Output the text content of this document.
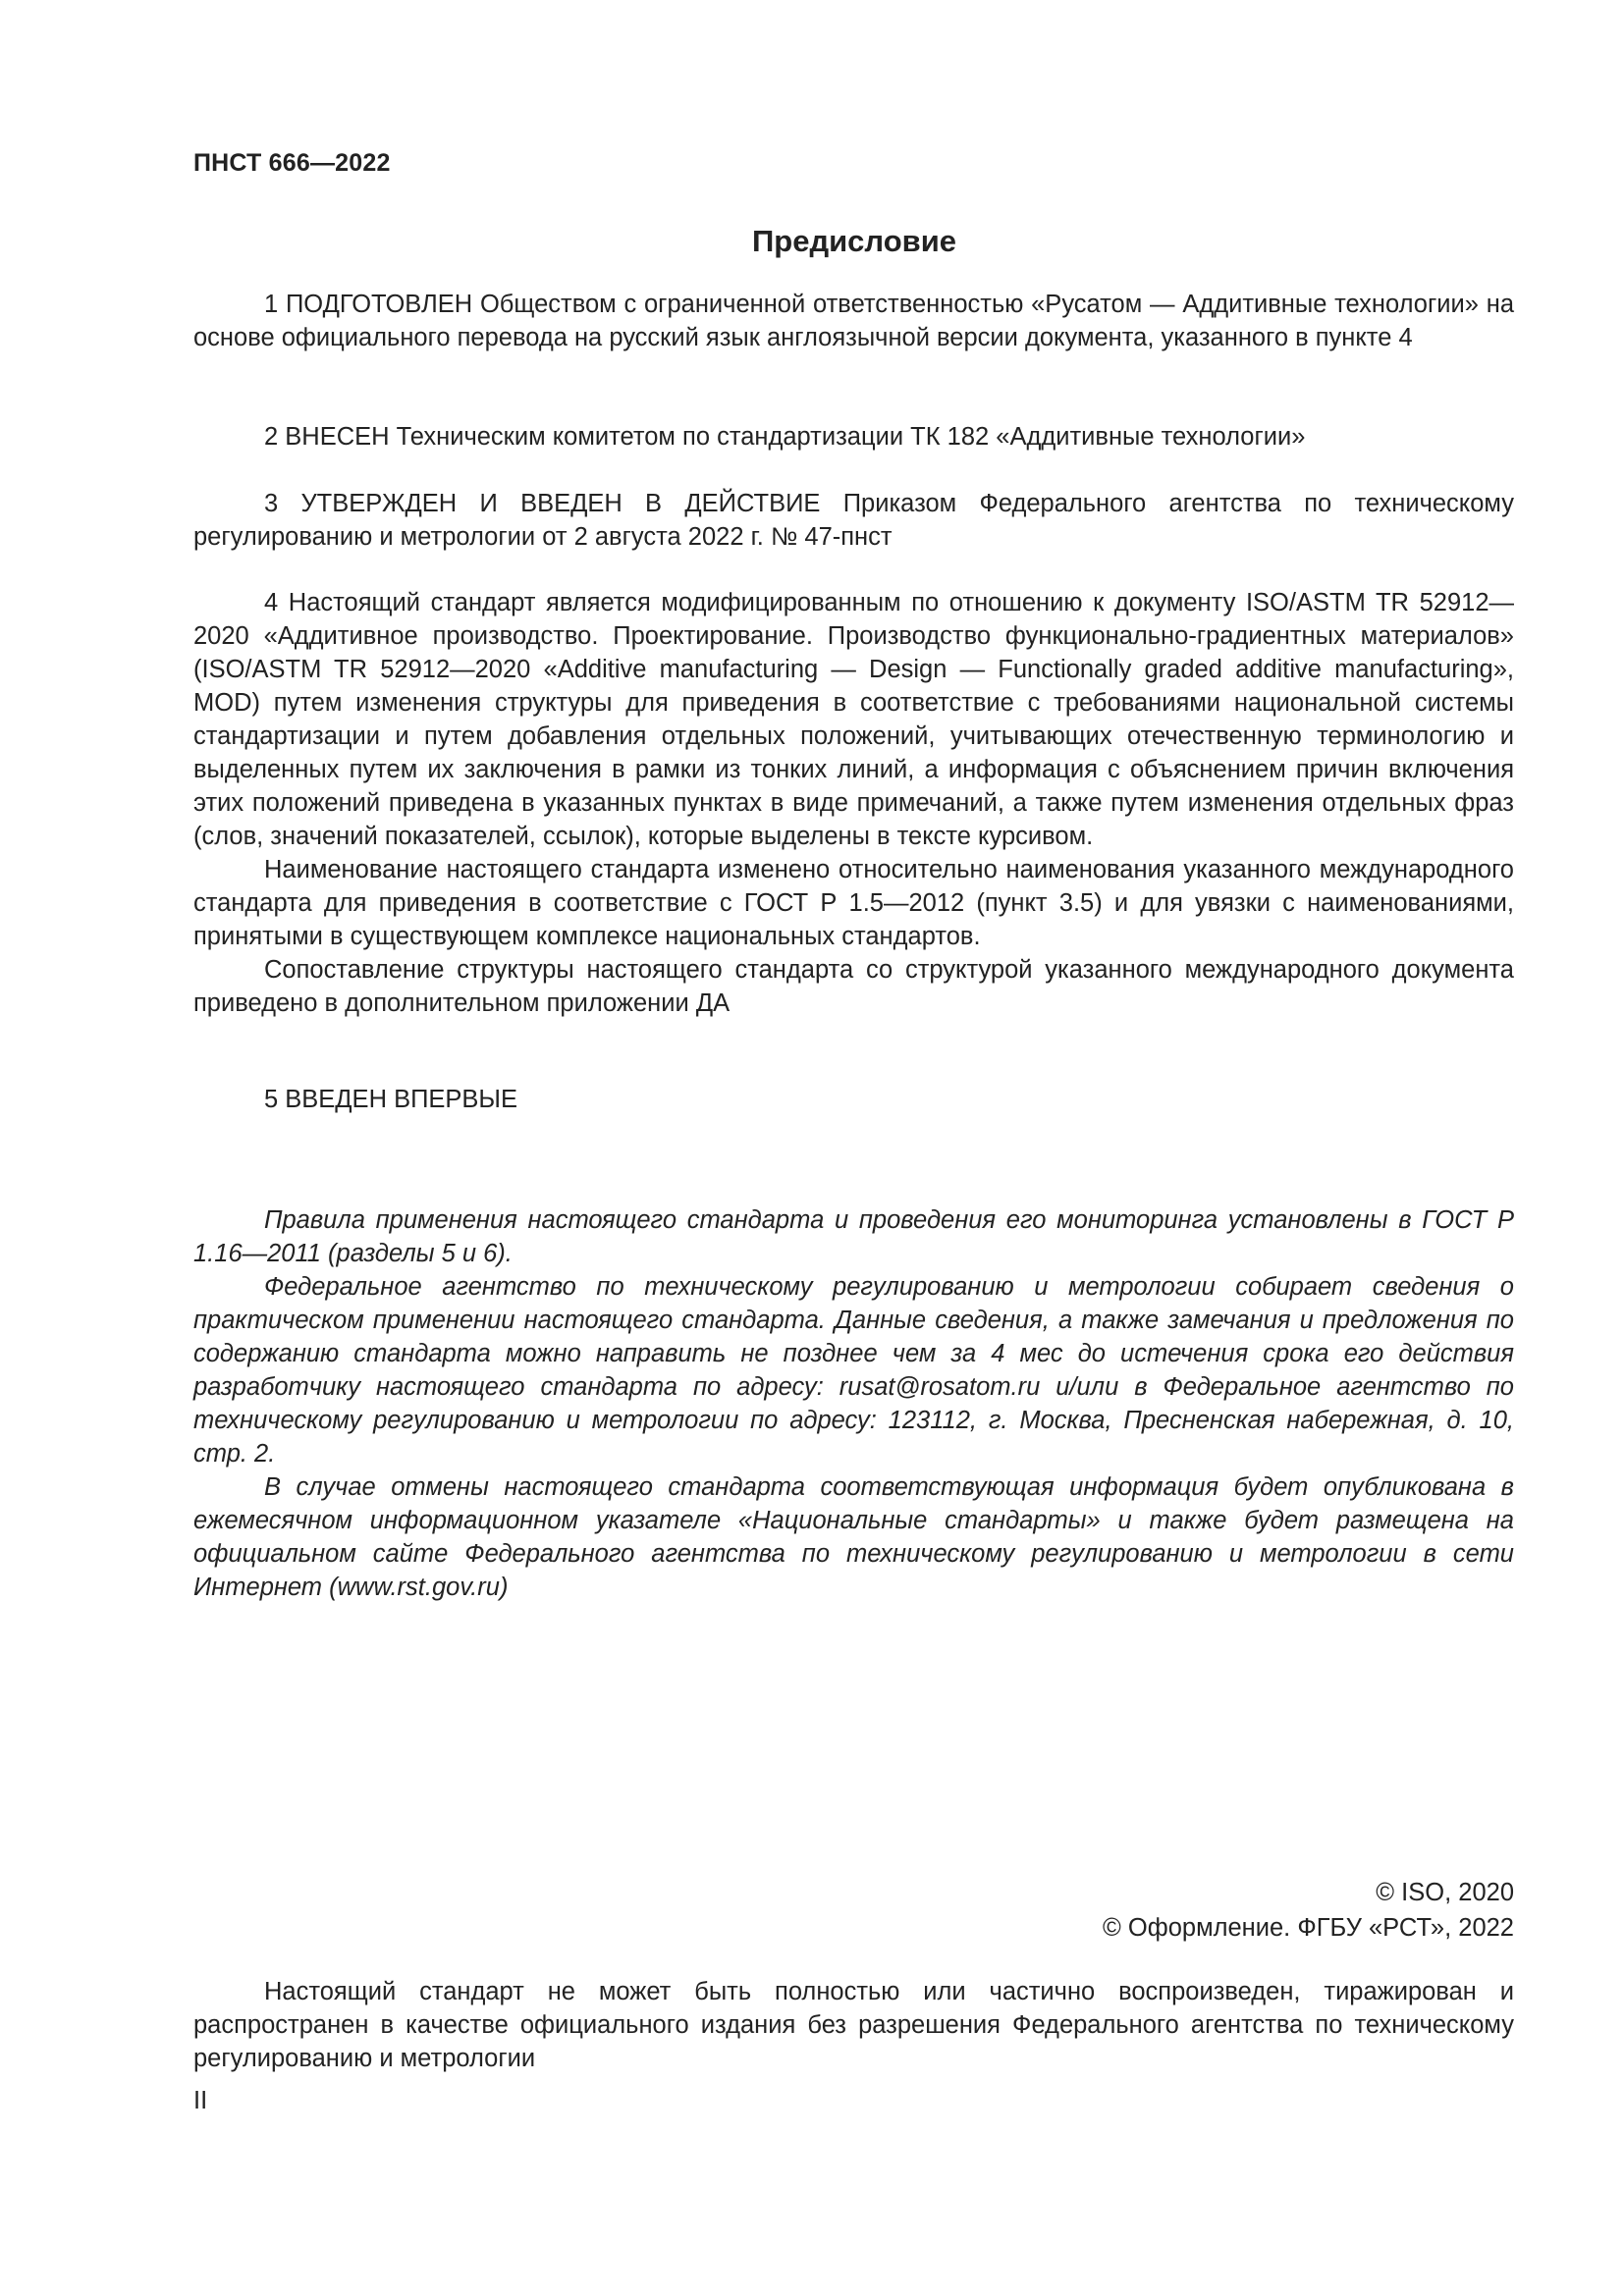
ПНСТ 666—2022
Предисловие

1 ПОДГОТОВЛЕН Обществом с ограниченной ответственностью «Русатом — Аддитивные технологии» на основе официального перевода на русский язык англоязычной версии документа, указанного в пункте 4

2 ВНЕСЕН Техническим комитетом по стандартизации ТК 182 «Аддитивные технологии»

3 УТВЕРЖДЕН И ВВЕДЕН В ДЕЙСТВИЕ Приказом Федерального агентства по техническому регулированию и метрологии от 2 августа 2022 г. № 47-пнст

4 Настоящий стандарт является модифицированным по отношению к документу ISO/ASTM TR 52912—2020 «Аддитивное производство. Проектирование. Производство функционально-градиентных материалов» (ISO/ASTM TR 52912—2020 «Additive manufacturing — Design — Functionally graded additive manufacturing», MOD) путем изменения структуры для приведения в соответствие с требованиями национальной системы стандартизации и путем добавления отдельных положений, учитывающих отечественную терминологию и выделенных путем их заключения в рамки из тонких линий, а информация с объяснением причин включения этих положений приведена в указанных пунктах в виде примечаний, а также путем изменения отдельных фраз (слов, значений показателей, ссылок), которые выделены в тексте курсивом.

Наименование настоящего стандарта изменено относительно наименования указанного международного стандарта для приведения в соответствие с ГОСТ Р 1.5—2012 (пункт 3.5) и для увязки с наименованиями, принятыми в существующем комплексе национальных стандартов.

Сопоставление структуры настоящего стандарта со структурой указанного международного документа приведено в дополнительном приложении ДА

5 ВВЕДЕН ВПЕРВЫЕ

Правила применения настоящего стандарта и проведения его мониторинга установлены в ГОСТ Р 1.16—2011 (разделы 5 и 6).

Федеральное агентство по техническому регулированию и метрологии собирает сведения о практическом применении настоящего стандарта. Данные сведения, а также замечания и предложения по содержанию стандарта можно направить не позднее чем за 4 мес до истечения срока его действия разработчику настоящего стандарта по адресу: rusat@rosatom.ru и/или в Федеральное агентство по техническому регулированию и метрологии по адресу: 123112, г. Москва, Пресненская набережная, д. 10, стр. 2.

В случае отмены настоящего стандарта соответствующая информация будет опубликована в ежемесячном информационном указателе «Национальные стандарты» и также будет размещена на официальном сайте Федерального агентства по техническому регулированию и метрологии в сети Интернет (www.rst.gov.ru)

© ISO, 2020
© Оформление. ФГБУ «РСТ», 2022

Настоящий стандарт не может быть полностью или частично воспроизведен, тиражирован и распространен в качестве официального издания без разрешения Федерального агентства по техническому регулированию и метрологии

II
